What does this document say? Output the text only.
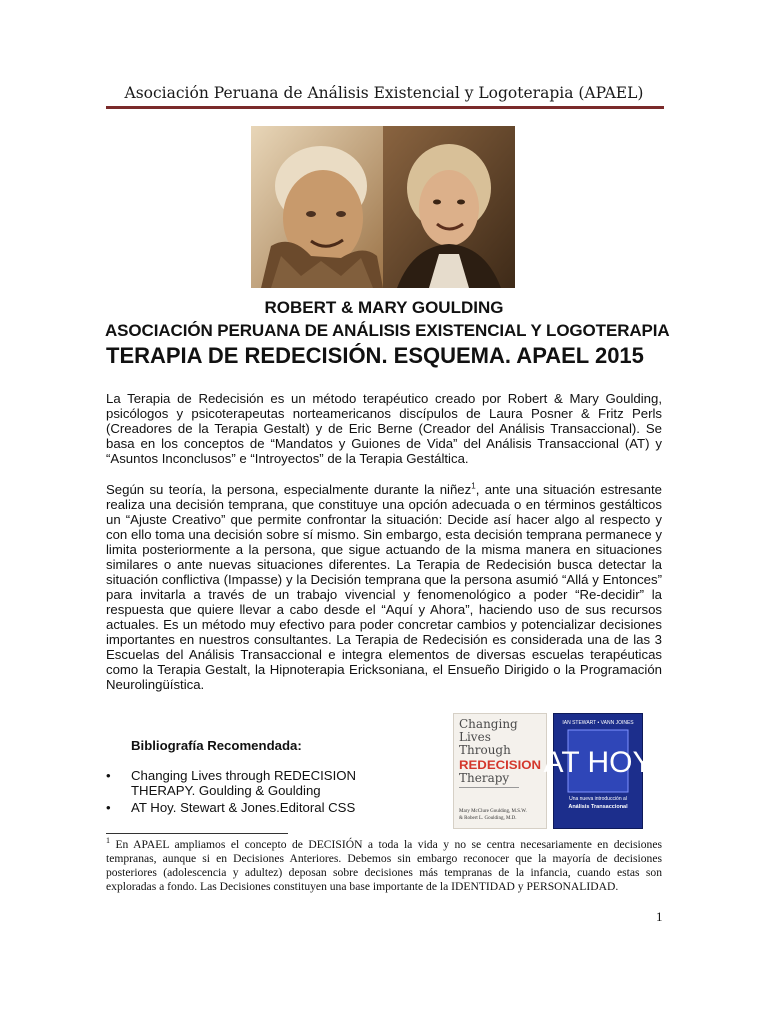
Asociación Peruana de Análisis Existencial y Logoterapia (APAEL)
ROBERT & MARY GOULDING
ASOCIACIÓN PERUANA DE ANÁLISIS EXISTENCIAL Y LOGOTERAPIA
TERAPIA DE REDECISIÓN. ESQUEMA. APAEL 2015

La Terapia de Redecisión es un método terapéutico creado por Robert & Mary Goulding, psicólogos y psicoterapeutas norteamericanos discípulos de Laura Posner & Fritz Perls (Creadores de la Terapia Gestalt) y de Eric Berne (Creador del Análisis Transaccional). Se basa en los conceptos de “Mandatos y Guiones de Vida” del Análisis Transaccional (AT) y “Asuntos Inconclusos” e “Introyectos” de la Terapia Gestáltica.

Según su teoría, la persona, especialmente durante la niñez$^1$, ante una situación estresante realiza una decisión temprana, que constituye una opción adecuada o en términos gestálticos un “Ajuste Creativo” que permite confrontar la situación: Decide así hacer algo al respecto y con ello toma una decisión sobre sí mismo. Sin embargo, esta decisión temprana permanece y limita posteriormente a la persona, que sigue actuando de la misma manera en situaciones similares o ante nuevas situaciones diferentes. La Terapia de Redecisión busca detectar la situación conflictiva (Impasse) y la Decisión temprana que la persona asumió “Allá y Entonces” para invitarla a través de un trabajo vivencial y fenomenológico a poder “Re-decidir” la respuesta que quiere llevar a cabo desde el “Aquí y Ahora”, haciendo uso de sus recursos actuales. Es un método muy efectivo para poder concretar cambios y potencializar decisiones importantes en nuestros consultantes. La Terapia de Redecisión es considerada una de las 3 Escuelas del Análisis Transaccional e integra elementos de diversas escuelas terapéuticas como la Terapia Gestalt, la Hipnoterapia Ericksoniana, el Ensueño Dirigido o la Programación Neurolingüística.

Bibliografía Recomendada:
• Changing Lives through REDECISION THERAPY. Goulding & Goulding
• AT Hoy. Stewart & Jones.Editoral CSS
Changing
Lives
Through
REDECISION
Therapy
Mary McClure Goulding, M.S.W.
& Robert L. Goulding, M.D.
IAN STEWART • VANN JOINES
AT HOY
Una nueva introducción al
Análisis Transaccional

$^1$ En APAEL ampliamos el concepto de DECISIÓN a toda la vida y no se centra necesariamente en decisiones tempranas, aunque si en Decisiones Anteriores. Debemos sin embargo reconocer que la mayoría de decisiones posteriores (adolescencia y adultez) deposan sobre decisiones más tempranas de la infancia, cuando estas son exploradas a fondo. Las Decisiones constituyen una base importante de la IDENTIDAD y PERSONALIDAD.

1
